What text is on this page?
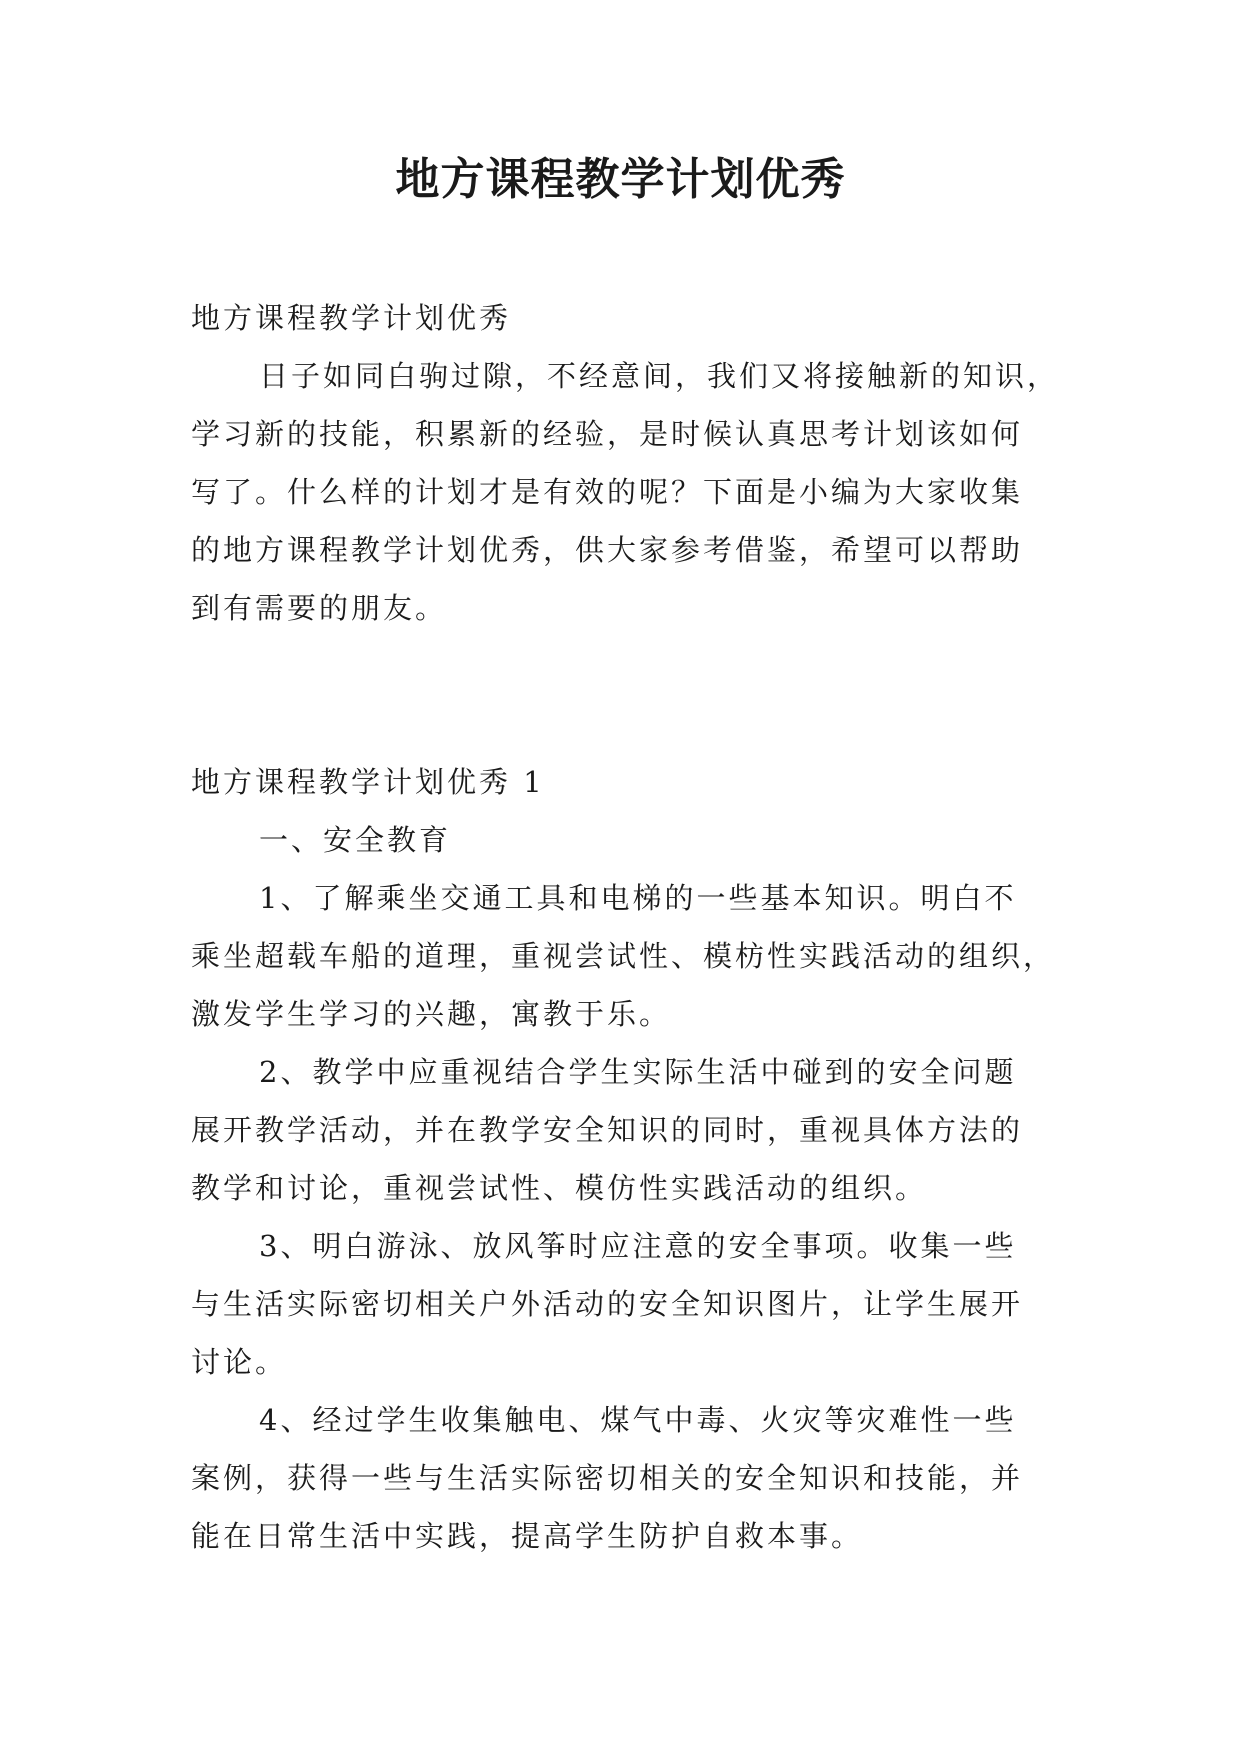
地方课程教学计划优秀

地方课程教学计划优秀

日子如同白驹过隙，不经意间，我们又将接触新的知识，

学习新的技能，积累新的经验，是时候认真思考计划该如何

写了。什么样的计划才是有效的呢？下面是小编为大家收集

的地方课程教学计划优秀，供大家参考借鉴，希望可以帮助

到有需要的朋友。

地方课程教学计划优秀 1

一、安全教育

1、了解乘坐交通工具和电梯的一些基本知识。明白不

乘坐超载车船的道理，重视尝试性、模枋性实践活动的组织，

激发学生学习的兴趣，寓教于乐。

2、教学中应重视结合学生实际生活中碰到的安全问题

展开教学活动，并在教学安全知识的同时，重视具体方法的

教学和讨论，重视尝试性、模仿性实践活动的组织。

3、明白游泳、放风筝时应注意的安全事项。收集一些

与生活实际密切相关户外活动的安全知识图片，让学生展开

讨论。

4、经过学生收集触电、煤气中毒、火灾等灾难性一些

案例，获得一些与生活实际密切相关的安全知识和技能，并

能在日常生活中实践，提高学生防护自救本事。
